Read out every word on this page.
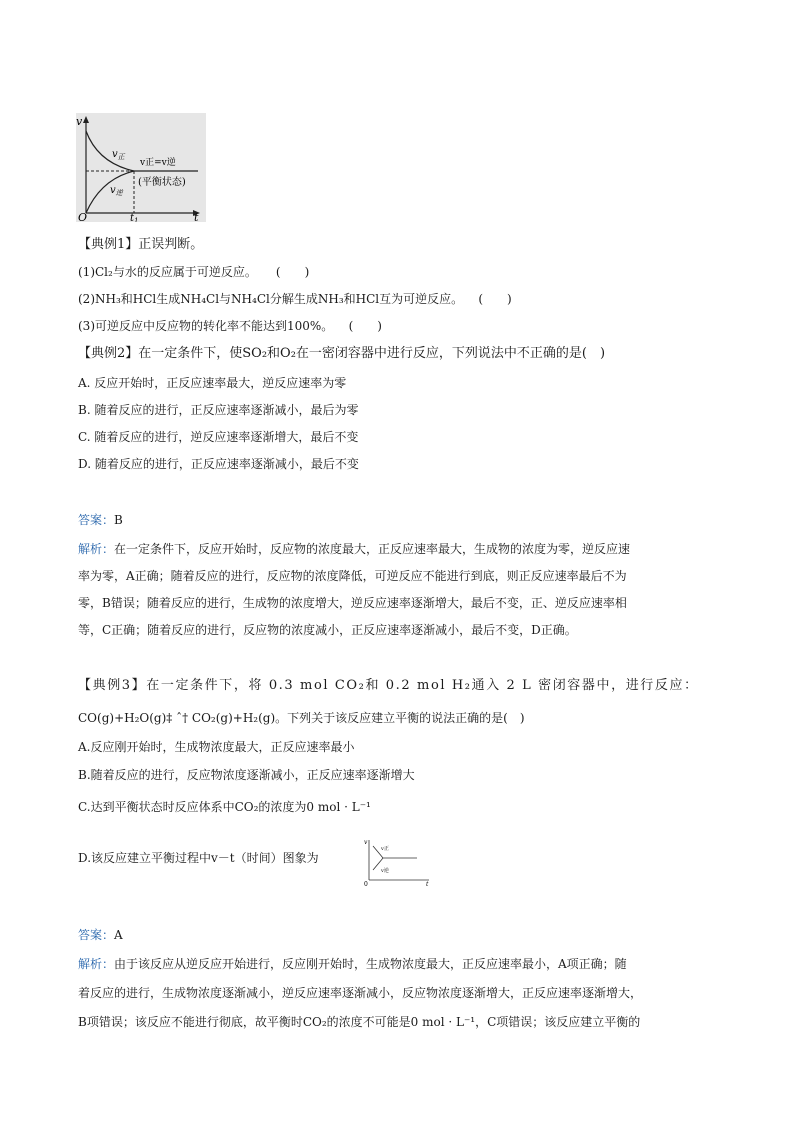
v
t
O	$t_1$
$v_正$
$v_逆$
v正=v逆
(平衡状态)
【典例1】正误判断。
(1)Cl₂与水的反应属于可逆反应。 (　　)
(2)NH₃和HCl生成NH₄Cl与NH₄Cl分解生成NH₃和HCl互为可逆反应。 (　　)
(3)可逆反应中反应物的转化率不能达到100%。 (　　)
【典例2】在一定条件下，使SO₂和O₂在一密闭容器中进行反应，下列说法中不正确的是(　)
A. 反应开始时，正反应速率最大，逆反应速率为零
B. 随着反应的进行，正反应速率逐渐减小，最后为零
C. 随着反应的进行，逆反应速率逐渐增大，最后不变
D. 随着反应的进行，正反应速率逐渐减小，最后不变
答案：B
解析：在一定条件下，反应开始时，反应物的浓度最大，正反应速率最大，生成物的浓度为零，逆反应速
率为零，A正确；随着反应的进行，反应物的浓度降低，可逆反应不能进行到底，则正反应速率最后不为
零，B错误；随着反应的进行，生成物的浓度增大，逆反应速率逐渐增大，最后不变，正、逆反应速率相
等，C正确；随着反应的进行，反应物的浓度减小，正反应速率逐渐减小，最后不变，D正确。
【典例3】在一定条件下，将 0.3 mol CO₂和 0.2 mol H₂通入 2 L 密闭容器中，进行反应：
CO(g)+H₂O(g)‡ ˆ† CO₂(g)+H₂(g)。下列关于该反应建立平衡的说法正确的是(　)
A.反应刚开始时，生成物浓度最大，正反应速率最小
B.随着反应的进行，反应物浓度逐渐减小，正反应速率逐渐增大
C.达到平衡状态时反应体系中CO₂的浓度为0 mol · L⁻¹
D.该反应建立平衡过程中v－t（时间）图象为
v
t
0
v正
v逆
答案：A
解析：由于该反应从逆反应开始进行，反应刚开始时，生成物浓度最大，正反应速率最小，A项正确；随
着反应的进行，生成物浓度逐渐减小，逆反应速率逐渐减小，反应物浓度逐渐增大，正反应速率逐渐增大，
B项错误；该反应不能进行彻底，故平衡时CO₂的浓度不可能是0 mol · L⁻¹，C项错误；该反应建立平衡的
